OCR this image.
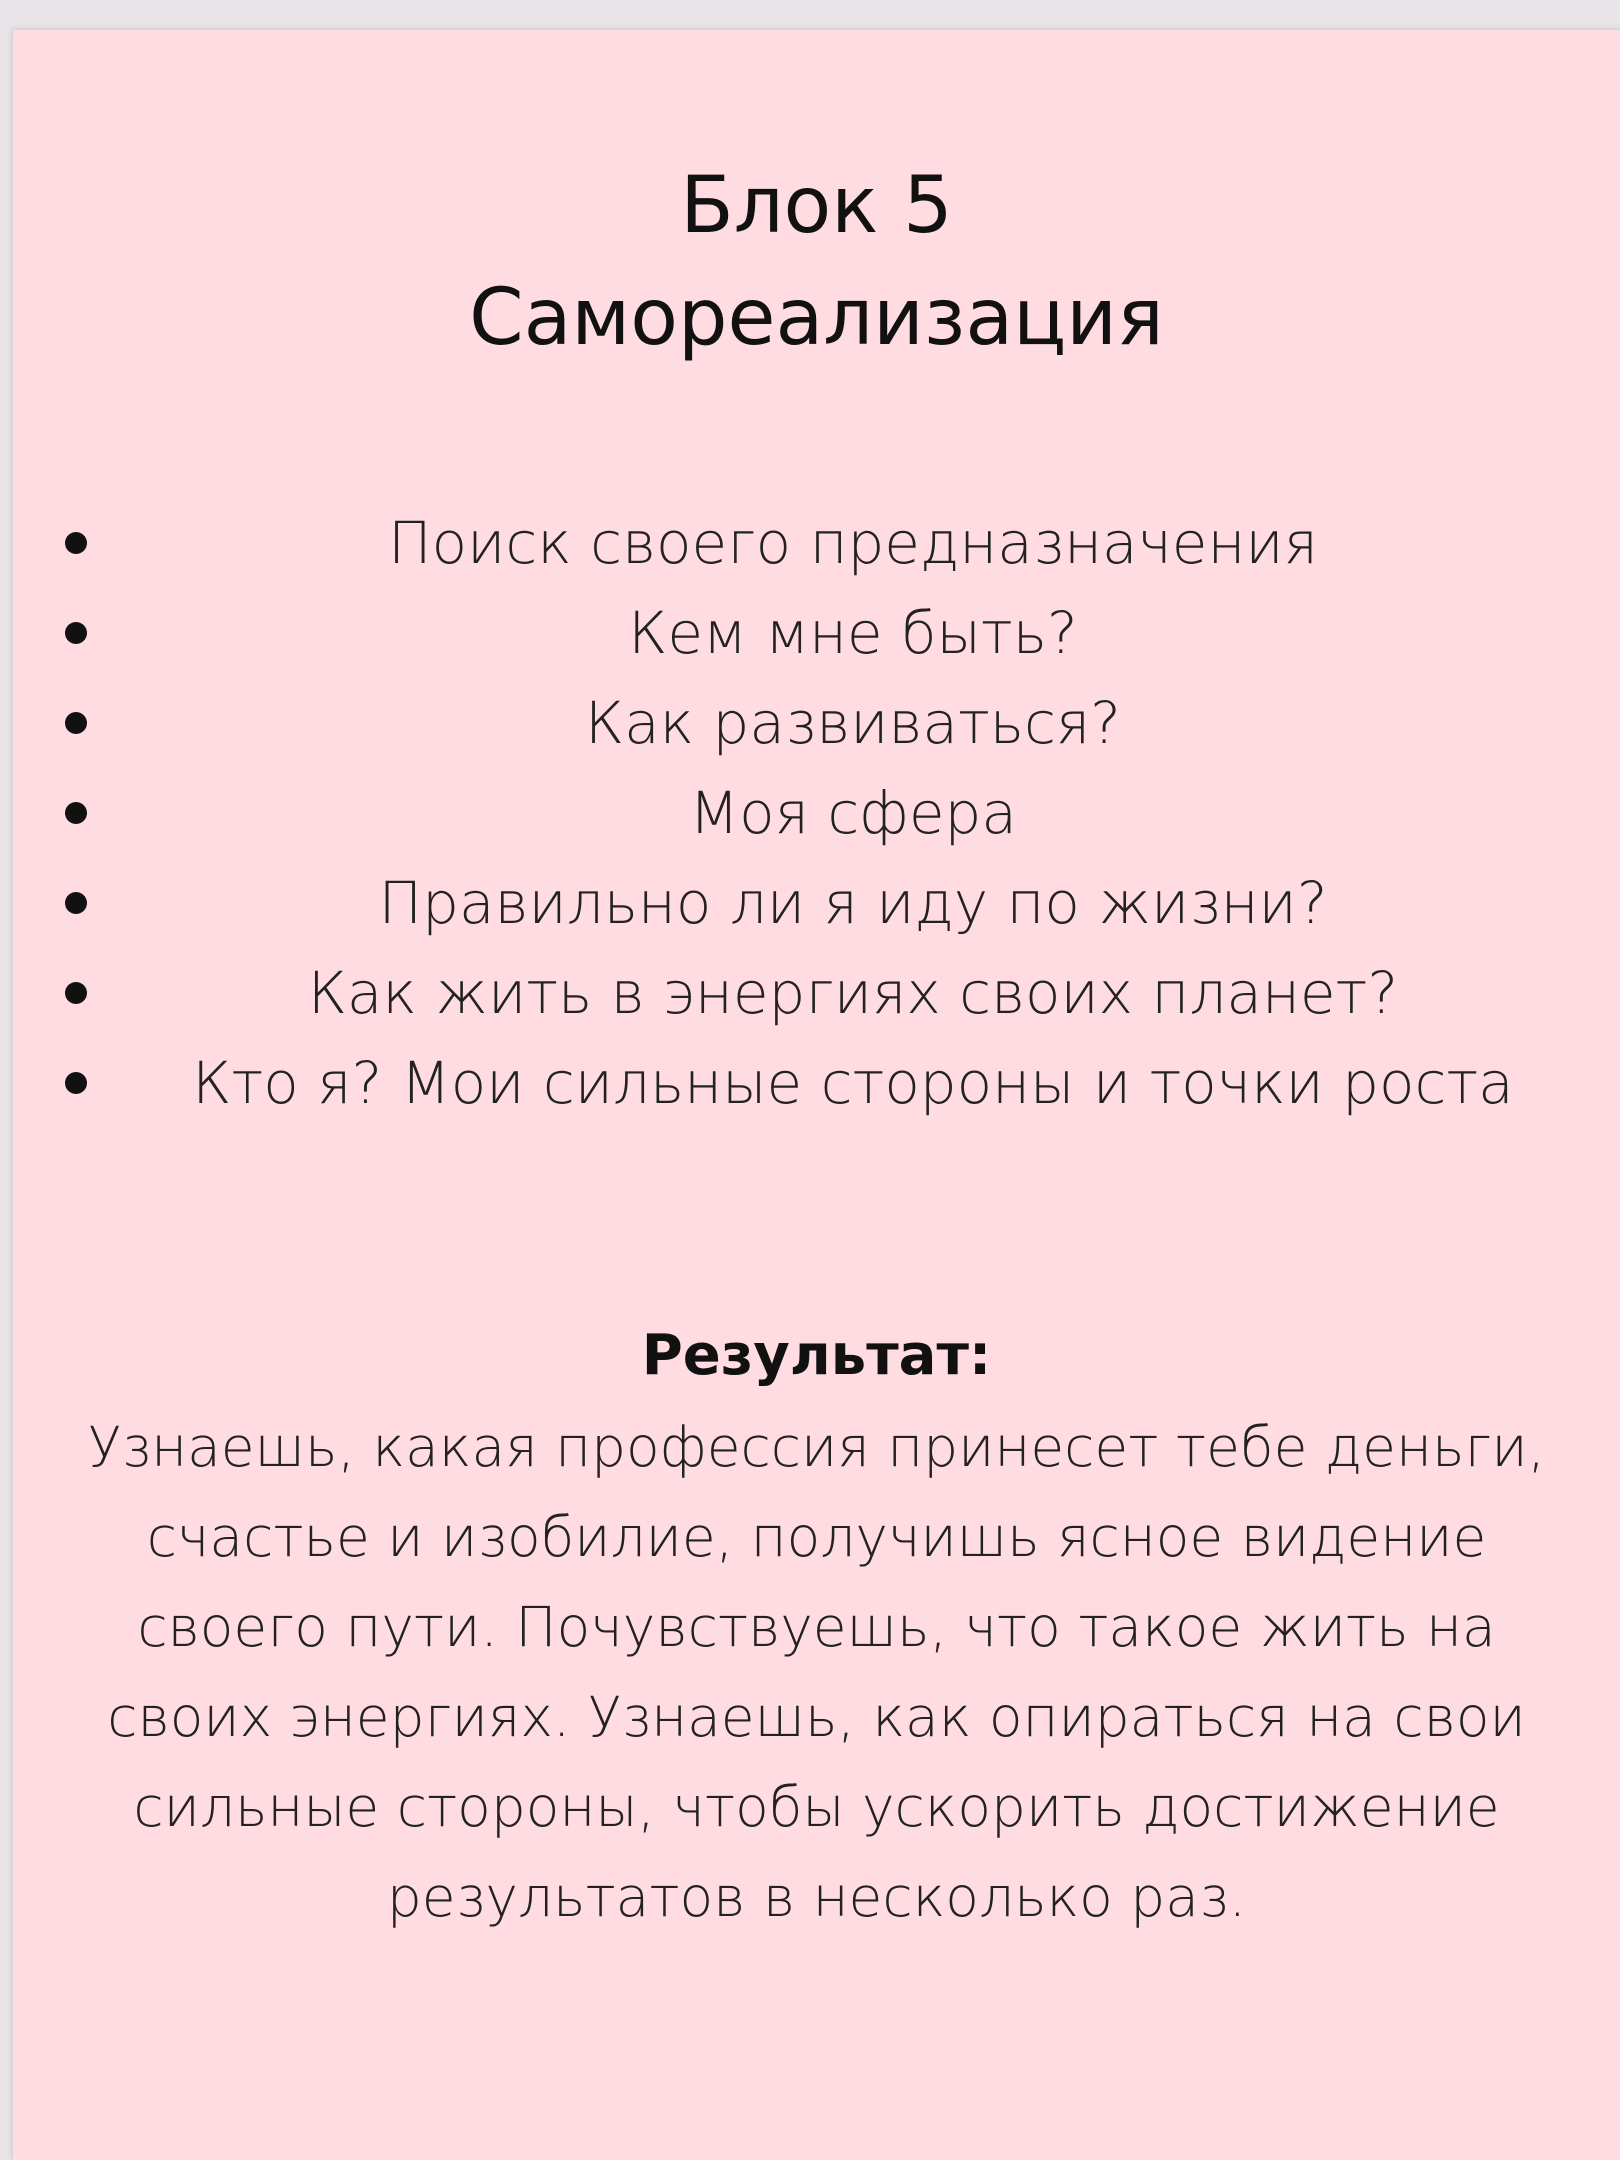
Блок 5
Самореализация
Поиск своего предназначения
Кем мне быть?
Как развиваться?
Моя сфера
Правильно ли я иду по жизни?
Как жить в энергиях своих планет?
Кто я? Мои сильные стороны и точки роста
Результат:
Узнаешь, какая профессия принесет тебе деньги,
счастье и изобилие, получишь ясное видение
своего пути. Почувствуешь, что такое жить на
своих энергиях. Узнаешь, как опираться на свои
сильные стороны, чтобы ускорить достижение
результатов в несколько раз.
